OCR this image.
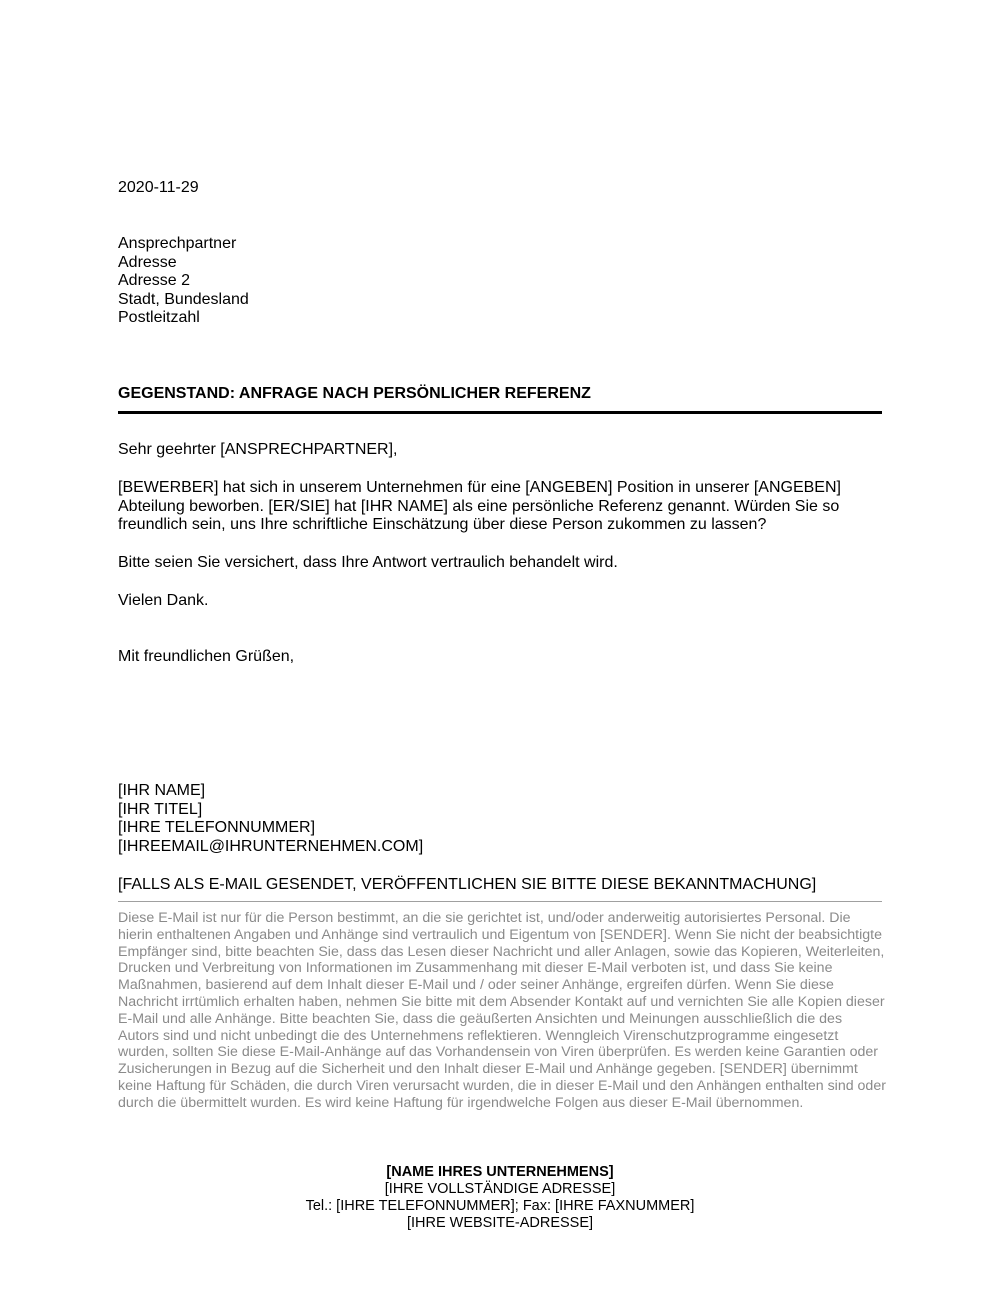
2020-11-29
Ansprechpartner
Adresse
Adresse 2
Stadt, Bundesland
Postleitzahl
GEGENSTAND: ANFRAGE NACH PERSÖNLICHER REFERENZ
Sehr geehrter [ANSPRECHPARTNER],
[BEWERBER] hat sich in unserem Unternehmen für eine [ANGEBEN] Position in unserer [ANGEBEN] Abteilung beworben. [ER/SIE] hat [IHR NAME] als eine persönliche Referenz genannt. Würden Sie so freundlich sein, uns Ihre schriftliche Einschätzung über diese Person zukommen zu lassen?
Bitte seien Sie versichert, dass Ihre Antwort vertraulich behandelt wird.
Vielen Dank.
Mit freundlichen Grüßen,
[IHR NAME]
[IHR TITEL]
[IHRE TELEFONNUMMER]
[IHREEMAIL@IHRUNTERNEHMEN.COM]
[FALLS ALS E-MAIL GESENDET, VERÖFFENTLICHEN SIE BITTE DIESE BEKANNTMACHUNG]
Diese E-Mail ist nur für die Person bestimmt, an die sie gerichtet ist, und/oder anderweitig autorisiertes Personal. Die hierin enthaltenen Angaben und Anhänge sind vertraulich und Eigentum von [SENDER]. Wenn Sie nicht der beabsichtigte Empfänger sind, bitte beachten Sie, dass das Lesen dieser Nachricht und aller Anlagen, sowie das Kopieren, Weiterleiten, Drucken und Verbreitung von Informationen im Zusammenhang mit dieser E-Mail verboten ist, und dass Sie keine Maßnahmen, basierend auf dem Inhalt dieser E-Mail und / oder seiner Anhänge, ergreifen dürfen. Wenn Sie diese Nachricht irrtümlich erhalten haben, nehmen Sie bitte mit dem Absender Kontakt auf und vernichten Sie alle Kopien dieser E-Mail und alle Anhänge. Bitte beachten Sie, dass die geäußerten Ansichten und Meinungen ausschließlich die des Autors sind und nicht unbedingt die des Unternehmens reflektieren. Wenngleich Virenschutzprogramme eingesetzt wurden, sollten Sie diese E-Mail-Anhänge auf das Vorhandensein von Viren überprüfen. Es werden keine Garantien oder Zusicherungen in Bezug auf die Sicherheit und den Inhalt dieser E-Mail und Anhänge gegeben. [SENDER] übernimmt keine Haftung für Schäden, die durch Viren verursacht wurden, die in dieser E-Mail und den Anhängen enthalten sind oder durch die übermittelt wurden. Es wird keine Haftung für irgendwelche Folgen aus dieser E-Mail übernommen.
[NAME IHRES UNTERNEHMENS]
[IHRE VOLLSTÄNDIGE ADRESSE]
Tel.: [IHRE TELEFONNUMMER]; Fax: [IHRE FAXNUMMER]
[IHRE WEBSITE-ADRESSE]
